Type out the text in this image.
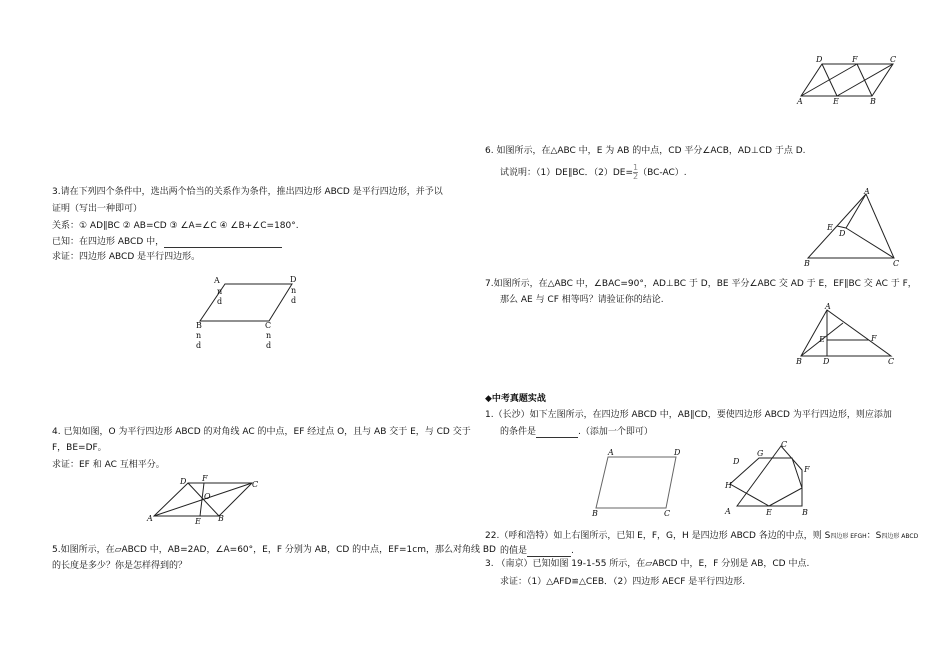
3.请在下列四个条件中，选出两个恰当的关系作为条件，推出四边形 ABCD 是平行四边形，并予以
证明（写出一种即可）
关系：① AD∥BC ② AB=CD ③ ∠A=∠C ④ ∠B+∠C=180°.
已知：在四边形 ABCD 中，
求证：四边形 ABCD 是平行四边形。
A
n
d
D
n
d
B
n
d
C
n
d
4. 已知如图，O 为平行四边形 ABCD 的对角线 AC 的中点，EF 经过点 O，且与 AB 交于 E，与 CD 交于
F，BE=DF。
求证：EF 和 AC 互相平分。
D F
C
O
A	E B
5.如图所示，在▱ABCD 中，AB=2AD，∠A=60°，E，F 分别为 AB，CD 的中点，EF=1cm，那么对角线 BD
的长度是多少？你是怎样得到的？
D	F	C
A	E	B
6. 如图所示，在△ABC 中，E 为 AB 的中点，CD 平分∠ACB，AD⊥CD 于点 D.
试说明：（1）DE∥BC．$(2)DE= \frac{1}{2} (BC-AC)$.
A
E
D
B	C
7.如图所示，在△ABC 中，∠BAC=90°，AD⊥BC 于 D，BE 平分∠ABC 交 AD 于 E，EF∥BC 交 AC 于 F，
那么 AE 与 CF 相等吗？请验证你的结论.
A
E	F
B	D	C
◆中考真题实战
1.（长沙）如下左图所示，在四边形 ABCD 中，AB∥CD，要使四边形 ABCD 为平行四边形，则应添加
的条件是	.（添加一个即可）
A	D
B	C
C
G
D
F
H
A	E	B
22.（呼和浩特）如上右图所示，已知 E，F，G，H 是四边形 ABCD 各边的中点，则 S四边形 EFGH：S四边形 ABCD
的值是	.
3. （南京）已知如图 19-1-55 所示，在▱ABCD 中，E，F 分别是 AB，CD 中点.
求证：（1）△AFD≌△CEB．（2）四边形 AECF 是平行四边形.
